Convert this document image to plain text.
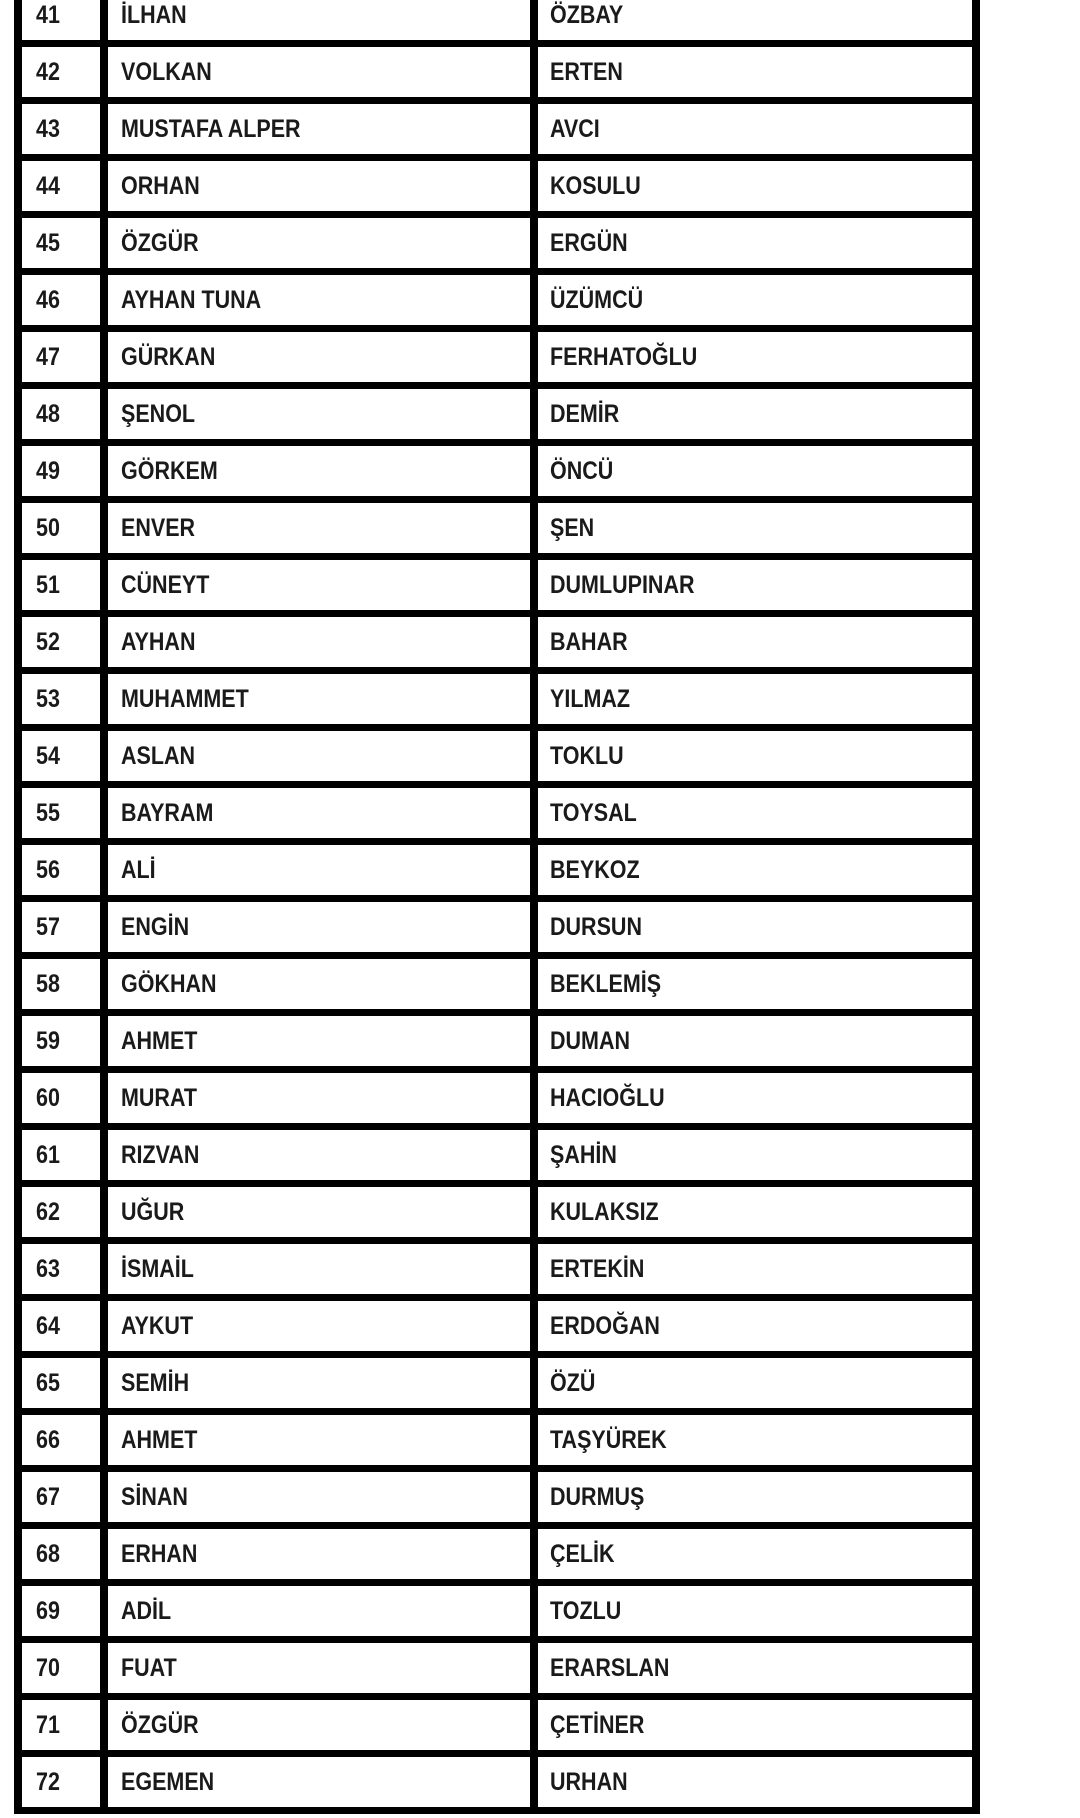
41 İLHAN	ÖZBAY
42 VOLKAN	ERTEN
43 MUSTAFA ALPER	AVCI
44 ORHAN	KOSULU
45 ÖZGÜR	ERGÜN
46 AYHAN TUNA	ÜZÜMCÜ
47 GÜRKAN	FERHATOĞLU
48 ŞENOL	DEMİR
49 GÖRKEM	ÖNCÜ
50 ENVER	ŞEN
51 CÜNEYT	DUMLUPINAR
52 AYHAN	BAHAR
53 MUHAMMET	YILMAZ
54 ASLAN	TOKLU
55 BAYRAM	TOYSAL
56 ALİ	BEYKOZ
57 ENGİN	DURSUN
58 GÖKHAN	BEKLEMİŞ
59 AHMET	DUMAN
60 MURAT	HACIOĞLU
61 RIZVAN	ŞAHİN
62 UĞUR	KULAKSIZ
63 İSMAİL	ERTEKİN
64 AYKUT	ERDOĞAN
65 SEMİH	ÖZÜ
66 AHMET	TAŞYÜREK
67 SİNAN	DURMUŞ
68 ERHAN	ÇELİK
69 ADİL	TOZLU
70 FUAT	ERARSLAN
71 ÖZGÜR	ÇETİNER
72 EGEMEN	URHAN
